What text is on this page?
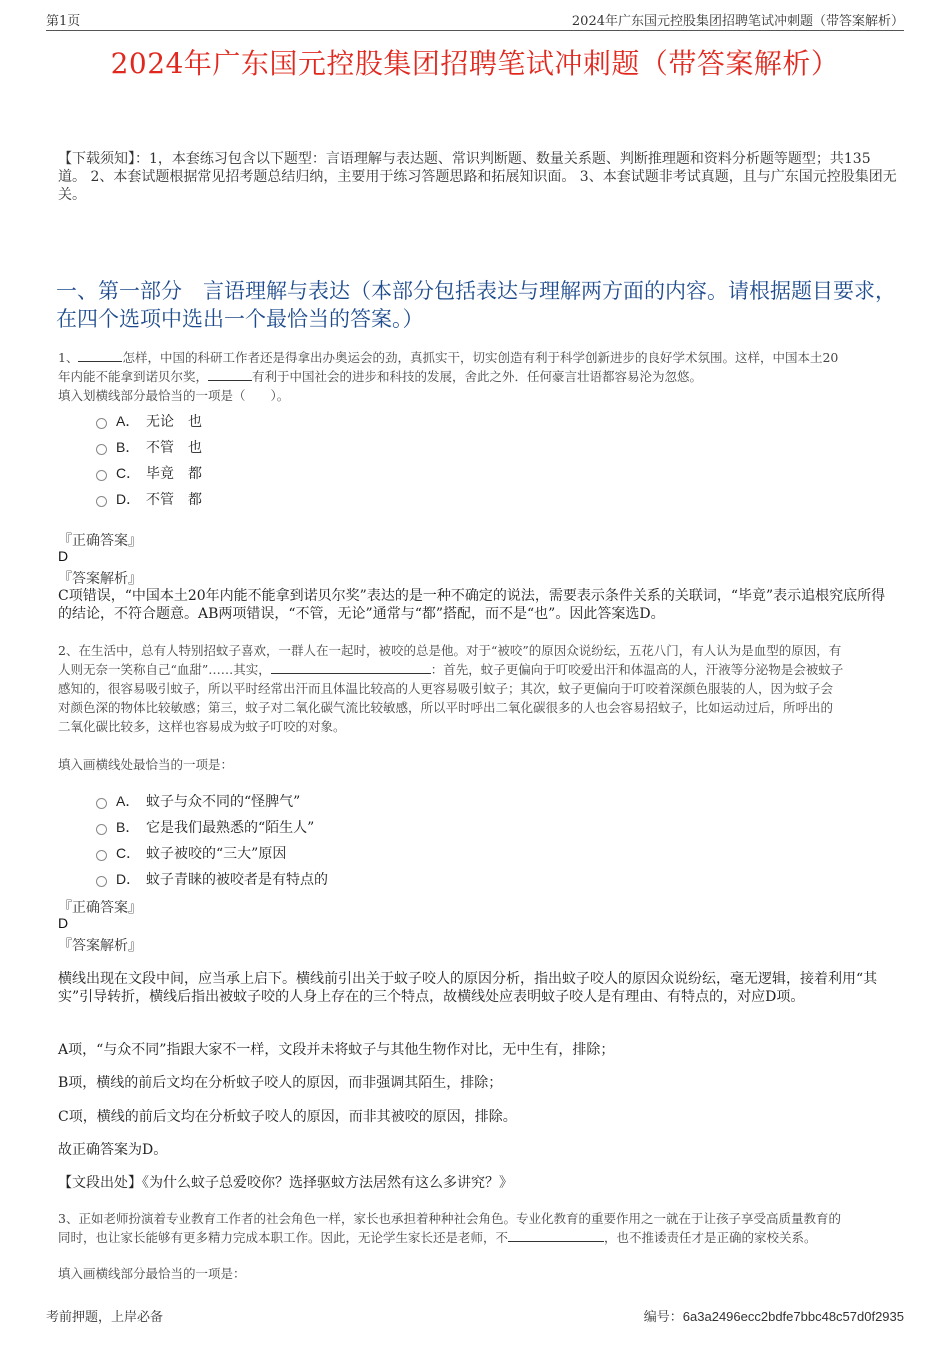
第1页	2024年广东国元控股集团招聘笔试冲刺题（带答案解析）
2024年广东国元控股集团招聘笔试冲刺题（带答案解析）
【下载须知】：1，本套练习包含以下题型：言语理解与表达题、常识判断题、数量关系题、判断推理题和资料分析题等题型；共135道。 2、本套试题根据常见招考题总结归纳，主要用于练习答题思路和拓展知识面。 3、本套试题非考试真题，且与广东国元控股集团无关。
一、第一部分　言语理解与表达（本部分包括表达与理解两方面的内容。请根据题目要求，在四个选项中选出一个最恰当的答案。）
1、	怎样，中国的科研工作者还是得拿出办奥运会的劲，真抓实干，切实创造有利于科学创新进步的良好学术氛围。这样，中国本土20
年内能不能拿到诺贝尔奖，	有利于中国社会的进步和科技的发展，舍此之外．任何豪言壮语都容易沦为忽悠。
填入划横线部分最恰当的一项是（　　）。
A． 无论　也
B． 不管　也
C． 毕竟　都
D． 不管　都
『正确答案』
D
『答案解析』
C项错误，“中国本土20年内能不能拿到诺贝尔奖”表达的是一种不确定的说法，需要表示条件关系的关联词，“毕竟”表示追根究底所得的结论，不符合题意。AB两项错误，“不管，无论”通常与“都”搭配，而不是“也”。因此答案选D。
2、在生活中，总有人特别招蚊子喜欢，一群人在一起时，被咬的总是他。对于“被咬”的原因众说纷纭，五花八门，有人认为是血型的原因，有
人则无奈一笑称自己“血甜”……其实，	：首先，蚊子更偏向于叮咬爱出汗和体温高的人，汗液等分泌物是会被蚊子
感知的，很容易吸引蚊子，所以平时经常出汗而且体温比较高的人更容易吸引蚊子；其次，蚊子更偏向于叮咬着深颜色服装的人，因为蚊子会
对颜色深的物体比较敏感；第三，蚊子对二氧化碳气流比较敏感，所以平时呼出二氧化碳很多的人也会容易招蚊子，比如运动过后，所呼出的
二氧化碳比较多，这样也容易成为蚊子叮咬的对象。
填入画横线处最恰当的一项是：
A． 蚊子与众不同的“怪脾气”
B． 它是我们最熟悉的“陌生人”
C． 蚊子被咬的“三大”原因
D． 蚊子青睐的被咬者是有特点的
『正确答案』
D
『答案解析』
横线出现在文段中间，应当承上启下。横线前引出关于蚊子咬人的原因分析，指出蚊子咬人的原因众说纷纭，毫无逻辑，接着利用“其实”引导转折，横线后指出被蚊子咬的人身上存在的三个特点，故横线处应表明蚊子咬人是有理由、有特点的，对应D项。
A项，“与众不同”指跟大家不一样，文段并未将蚊子与其他生物作对比，无中生有，排除；
B项，横线的前后文均在分析蚊子咬人的原因，而非强调其陌生，排除；
C项，横线的前后文均在分析蚊子咬人的原因，而非其被咬的原因，排除。
故正确答案为D。
【文段出处】《为什么蚊子总爱咬你？选择驱蚊方法居然有这么多讲究？》
3、正如老师扮演着专业教育工作者的社会角色一样，家长也承担着种种社会角色。专业化教育的重要作用之一就在于让孩子享受高质量教育的
同时，也让家长能够有更多精力完成本职工作。因此，无论学生家长还是老师，不	，也不推诿责任才是正确的家校关系。
填入画横线部分最恰当的一项是：
考前押题，上岸必备	编号：6a3a2496ecc2bdfe7bbc48c57d0f2935
